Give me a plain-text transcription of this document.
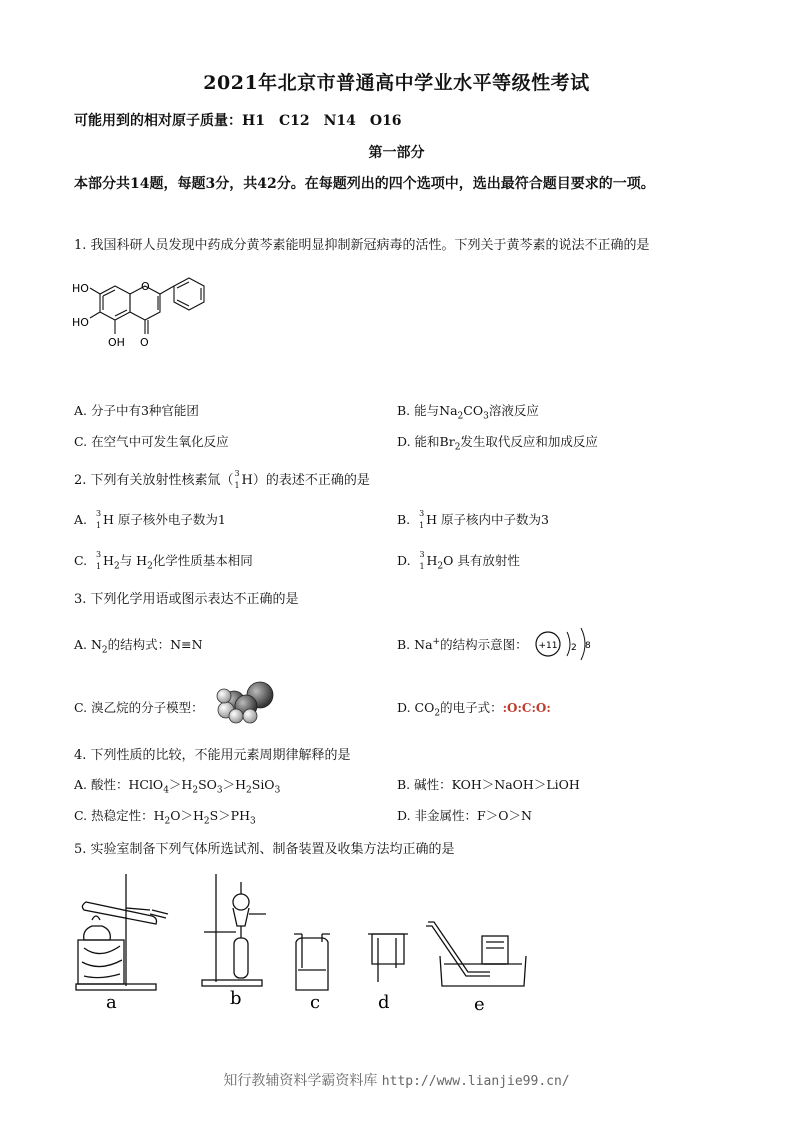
2021年北京市普通高中学业水平等级性考试
可能用到的相对原子质量：H1　C12　N14　O16
第一部分
本部分共14题，每题3分，共42分。在每题列出的四个选项中，选出最符合题目要求的一项。
1. 我国科研人员发现中药成分黄芩素能明显抑制新冠病毒的活性。下列关于黄芩素的说法不正确的是
HO
HO
OH O
O
A. 分子中有3种官能团	B. 能与$Na_2CO_3$溶液反应
C. 在空气中可发生氧化反应	D. 能和$Br_2$发生取代反应和加成反应
2. 下列有关放射性核素氚（ 3
1 H）的表述不正确的是
A. 3
1 H 原子核外电子数为1	B. 3
1 H 原子核内中子数为3
C. 3
1 $H_2$与 $H_2$化学性质基本相同	D. 3
1 $H_2O$ 具有放射性
3. 下列化学用语或图示表达不正确的是
A. $N_2$的结构式：N≡N	B. Na+的结构示意图： +11 2 8
C. 溴乙烷的分子模型：	D. $CO_2$的电子式：:O:C:O:
4. 下列性质的比较，不能用元素周期律解释的是
A. 酸性：$HClO_4>H_2SO_3>H_2SiO_3$	B. 碱性：KOH＞NaOH＞LiOH
C. 热稳定性：$H_2O>H_2S>PH_3$	D. 非金属性：F＞O＞N
5. 实验室制备下列气体所选试剂、制备装置及收集方法均正确的是
a	b	c	d	e
知行教辅资料学霸资料库 http://www.lianjie99.cn/
